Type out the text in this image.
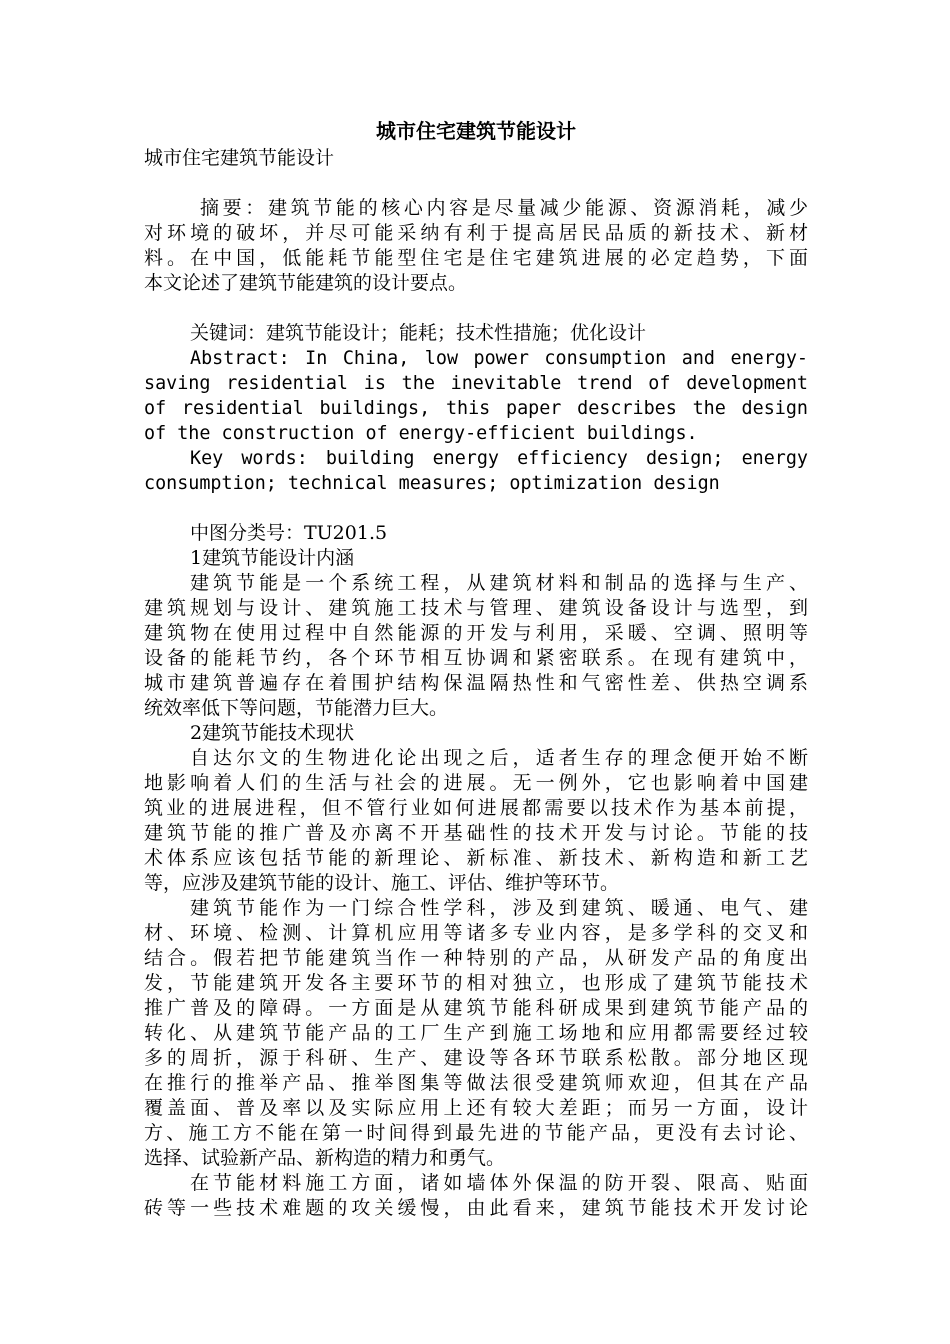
城市住宅建筑节能设计

城市住宅建筑节能设计

摘要：建筑节能的核心内容是尽量减少能源、资源消耗，减少

对环境的破坏，并尽可能采纳有利于提高居民品质的新技术、新材

料。在中国，低能耗节能型住宅是住宅建筑进展的必定趋势，下面

本文论述了建筑节能建筑的设计要点。

关键词：建筑节能设计；能耗；技术性措施；优化设计

Abstract: In China, low power consumption and energy-

saving residential is the inevitable trend of development

of residential buildings, this paper describes the design

of the construction of energy-efficient buildings.

Key words: building energy efficiency design; energy

consumption; technical measures; optimization design

中图分类号：TU201.5

1建筑节能设计内涵

建筑节能是一个系统工程，从建筑材料和制品的选择与生产、

建筑规划与设计、建筑施工技术与管理、建筑设备设计与选型，到

建筑物在使用过程中自然能源的开发与利用，采暖、空调、照明等

设备的能耗节约，各个环节相互协调和紧密联系。在现有建筑中，

城市建筑普遍存在着围护结构保温隔热性和气密性差、供热空调系

统效率低下等问题，节能潜力巨大。

2建筑节能技术现状

自达尔文的生物进化论出现之后，适者生存的理念便开始不断

地影响着人们的生活与社会的进展。无一例外，它也影响着中国建

筑业的进展进程，但不管行业如何进展都需要以技术作为基本前提，

建筑节能的推广普及亦离不开基础性的技术开发与讨论。节能的技

术体系应该包括节能的新理论、新标准、新技术、新构造和新工艺

等，应涉及建筑节能的设计、施工、评估、维护等环节。

建筑节能作为一门综合性学科，涉及到建筑、暖通、电气、建

材、环境、检测、计算机应用等诸多专业内容，是多学科的交叉和

结合。假若把节能建筑当作一种特别的产品，从研发产品的角度出

发，节能建筑开发各主要环节的相对独立，也形成了建筑节能技术

推广普及的障碍。一方面是从建筑节能科研成果到建筑节能产品的

转化、从建筑节能产品的工厂生产到施工场地和应用都需要经过较

多的周折，源于科研、生产、建设等各环节联系松散。部分地区现

在推行的推举产品、推举图集等做法很受建筑师欢迎，但其在产品

覆盖面、普及率以及实际应用上还有较大差距；而另一方面，设计

方、施工方不能在第一时间得到最先进的节能产品，更没有去讨论、

选择、试验新产品、新构造的精力和勇气。

在节能材料施工方面，诸如墙体外保温的防开裂、限高、贴面

砖等一些技术难题的攻关缓慢，由此看来，建筑节能技术开发讨论
